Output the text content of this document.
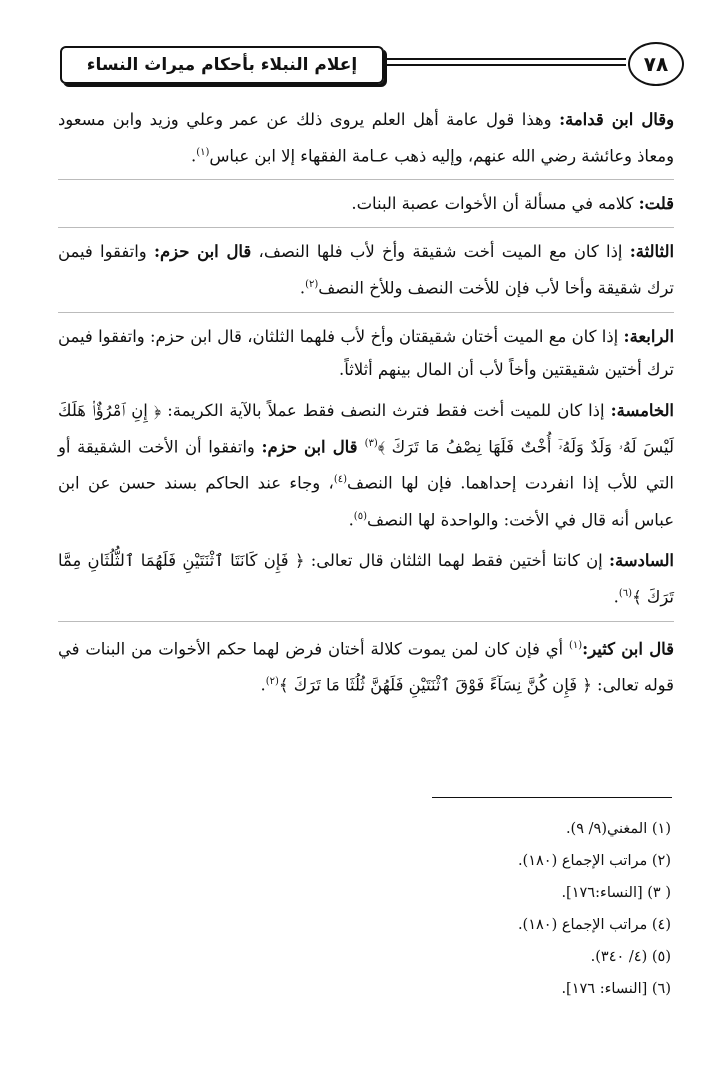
إعلام النبلاء بأحكام ميراث النساء	٧٨

وقال ابن قدامة: وهذا قول عامة أهل العلم يروى ذلك عن عمر وعلي وزيد وابن مسعود ومعاذ وعائشة رضي الله عنهم، وإليه ذهب عـامة الفقهاء إلا ابن عباس$^{(١)}$.

قلت: كلامه في مسألة أن الأخوات عصبة البنات.

الثالثة: إذا كان مع الميت أخت شقيقة وأخ لأب فلها النصف، قال ابن حزم: واتفقوا فيمن ترك شقيقة وأخا لأب فإن للأخت النصف وللأخ النصف$^{(٢)}$.

الرابعة: إذا كان مع الميت أختان شقيقتان وأخ لأب فلهما الثلثان، قال ابن حزم: واتفقوا فيمن ترك أختين شقيقتين وأخاً لأب أن المال بينهم أثلاثاً.

الخامسة: إذا كان للميت أخت فقط فترث النصف فقط عملاً بالآية الكريمة: ﴿ إِنِ ٱمْرُؤٌا۟ هَلَكَ لَيْسَ لَهُۥ وَلَدٌ وَلَهُۥٓ أُخْتٌ فَلَهَا نِصْفُ مَا تَرَكَ ﴾$^{(٣)}$ قال ابن حزم: واتفقوا أن الأخت الشقيقة أو التي للأب إذا انفردت إحداهما. فإن لها النصف$^{(٤)}$، وجاء عند الحاكم بسند حسن عن ابن عباس أنه قال في الأخت: والواحدة لها النصف$^{(٥)}$.

السادسة: إن كانتا أختين فقط لهما الثلثان قال تعالى: ﴿ فَإِن كَانَتَا ٱثْنَتَيْنِ فَلَهُمَا ٱلثُّلُثَانِ مِمَّا تَرَكَ ﴾$^{(٦)}$.

قال ابن كثير:$^{(١)}$ أي فإن كان لمن يموت كلالة أختان فرض لهما حكم الأخوات من البنات في قوله تعالى: ﴿ فَإِن كُنَّ نِسَآءً فَوْقَ ٱثْنَتَيْنِ فَلَهُنَّ ثُلُثَا مَا تَرَكَ ﴾$^{(٢)}$.

(١) المغني(٩/ ٩).
(٢) مراتب الإجماع (١٨٠).
( ٣) [النساء:١٧٦].
(٤) مراتب الإجماع (١٨٠).
(٥) (٤/ ٣٤٠).
(٦) [النساء: ١٧٦].
